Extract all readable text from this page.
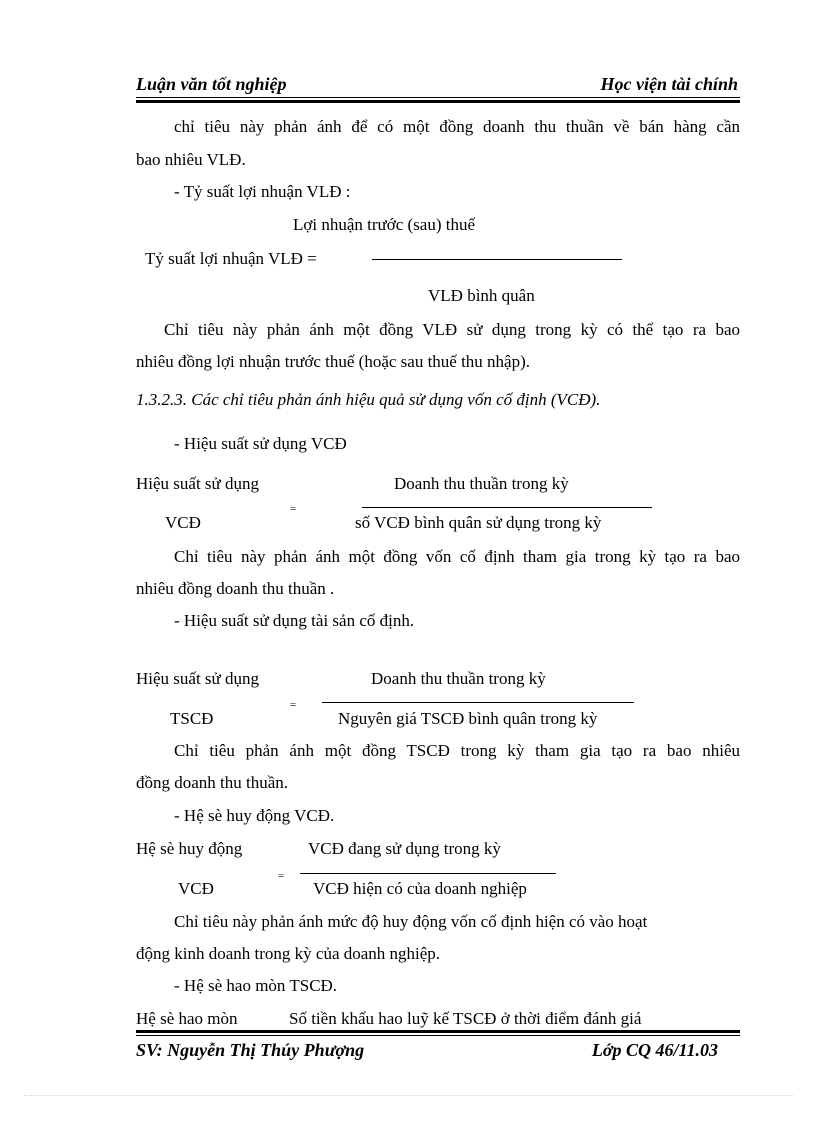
Luận văn tốt nghiệp	Học viện tài chính
chỉ tiêu này phản ánh để có một đồng doanh thu thuần về bán hàng cần
bao nhiêu VLĐ.
- Tỷ suất lợi nhuận VLĐ :
Lợi nhuận trước (sau) thuế
Tỷ suất lợi nhuận VLĐ =
VLĐ bình quân
Chỉ tiêu này phản ánh một đồng VLĐ sử dụng trong kỳ có thể tạo ra bao
nhiêu đồng lợi nhuận trước thuế (hoặc sau thuế thu nhập).
1.3.2.3. Các chỉ tiêu phản ánh hiệu quả sử dụng vốn cố định (VCĐ).
- Hiệu suất sử dụng VCĐ
Hiệu suất sử dụng	Doanh thu thuần trong kỳ
=
VCĐ	số VCĐ bình quân sử dụng trong kỳ
Chỉ tiêu này phản ánh một đồng vốn cố định tham gia trong kỳ tạo ra bao
nhiêu đồng doanh thu thuần .
- Hiệu suất sử dụng tài sản cố định.
Hiệu suất sử dụng	Doanh thu thuần trong kỳ
=
TSCĐ	Nguyên giá TSCĐ bình quân trong kỳ
Chỉ tiêu phản ánh một đồng TSCĐ trong kỳ tham gia tạo ra bao nhiêu
đồng doanh thu thuần.
- Hệ sè huy động VCĐ.
Hệ sè huy động	VCĐ đang sử dụng trong kỳ
=
VCĐ	VCĐ hiện có của doanh nghiệp
Chỉ tiêu này phản ánh mức độ huy động vốn cố định hiện có vào hoạt
động kinh doanh trong kỳ của doanh nghiệp.
- Hệ sè hao mòn TSCĐ.
Hệ sè hao mòn	Số tiền khấu hao luỹ kế TSCĐ ở thời điểm đánh giá
SV: Nguyễn Thị Thúy Phượng	Lớp CQ 46/11.03
